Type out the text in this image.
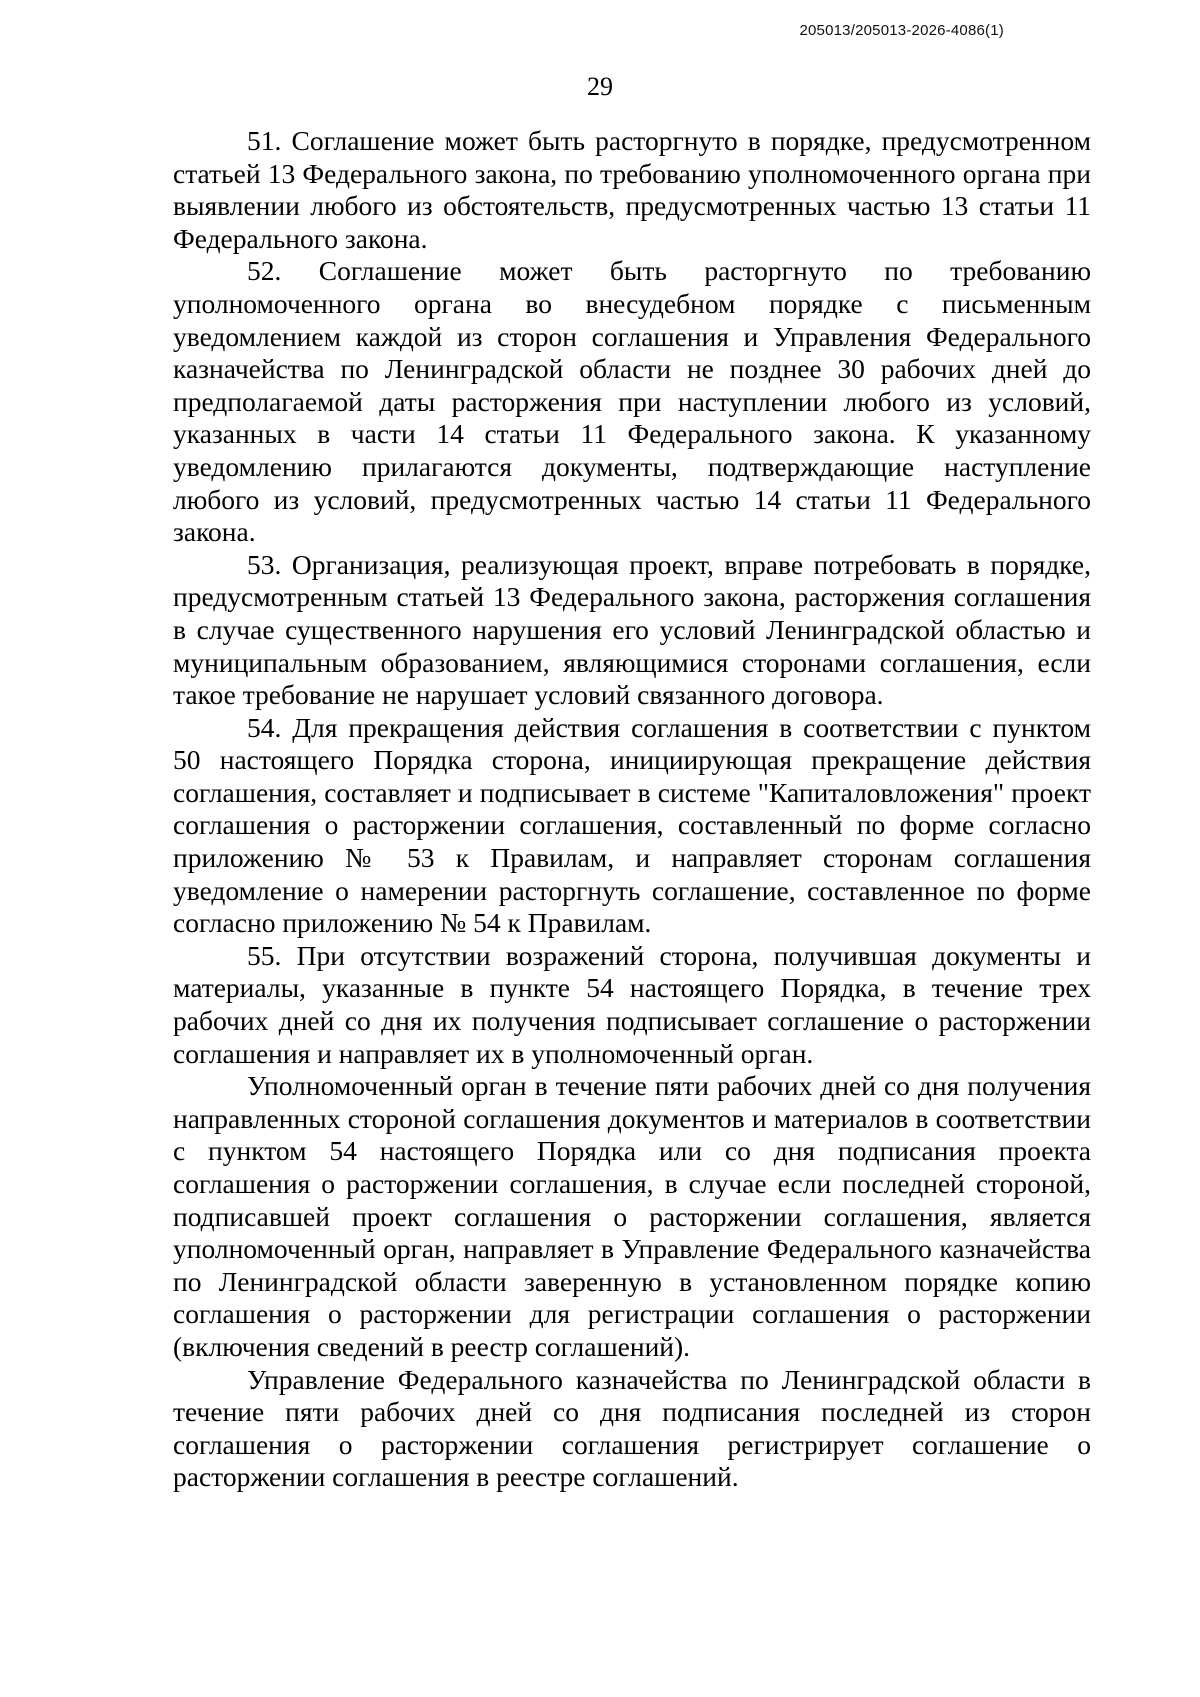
205013/205013-2026-4086(1)
29

51. Соглашение может быть расторгнуто в порядке, предусмотренном статьей 13 Федерального закона, по требованию уполномоченного органа при выявлении любого из обстоятельств, предусмотренных частью 13 статьи 11 Федерального закона.

52. Соглашение может быть расторгнуто по требованию уполномоченного органа во внесудебном порядке с письменным уведомлением каждой из сторон соглашения и Управления Федерального казначейства по Ленинградской области не позднее 30 рабочих дней до предполагаемой даты расторжения при наступлении любого из условий, указанных в части 14 статьи 11 Федерального закона. К указанному уведомлению прилагаются документы, подтверждающие наступление любого из условий, предусмотренных частью 14 статьи 11 Федерального закона.

53. Организация, реализующая проект, вправе потребовать в порядке, предусмотренным статьей 13 Федерального закона, расторжения соглашения в случае существенного нарушения его условий Ленинградской областью и муниципальным образованием, являющимися сторонами соглашения, если такое требование не нарушает условий связанного договора.

54. Для прекращения действия соглашения в соответствии с пунктом 50 настоящего Порядка сторона, инициирующая прекращение действия соглашения, составляет и подписывает в системе "Капиталовложения" проект соглашения о расторжении соглашения, составленный по форме согласно приложению № 53 к Правилам, и направляет сторонам соглашения уведомление о намерении расторгнуть соглашение, составленное по форме согласно приложению № 54 к Правилам.

55. При отсутствии возражений сторона, получившая документы и материалы, указанные в пункте 54 настоящего Порядка, в течение трех рабочих дней со дня их получения подписывает соглашение о расторжении соглашения и направляет их в уполномоченный орган.

Уполномоченный орган в течение пяти рабочих дней со дня получения направленных стороной соглашения документов и материалов в соответствии с пунктом 54 настоящего Порядка или со дня подписания проекта соглашения о расторжении соглашения, в случае если последней стороной, подписавшей проект соглашения о расторжении соглашения, является уполномоченный орган, направляет в Управление Федерального казначейства по Ленинградской области заверенную в установленном порядке копию соглашения о расторжении для регистрации соглашения о расторжении (включения сведений в реестр соглашений).

Управление Федерального казначейства по Ленинградской области в течение пяти рабочих дней со дня подписания последней из сторон соглашения о расторжении соглашения регистрирует соглашение о расторжении соглашения в реестре соглашений.
